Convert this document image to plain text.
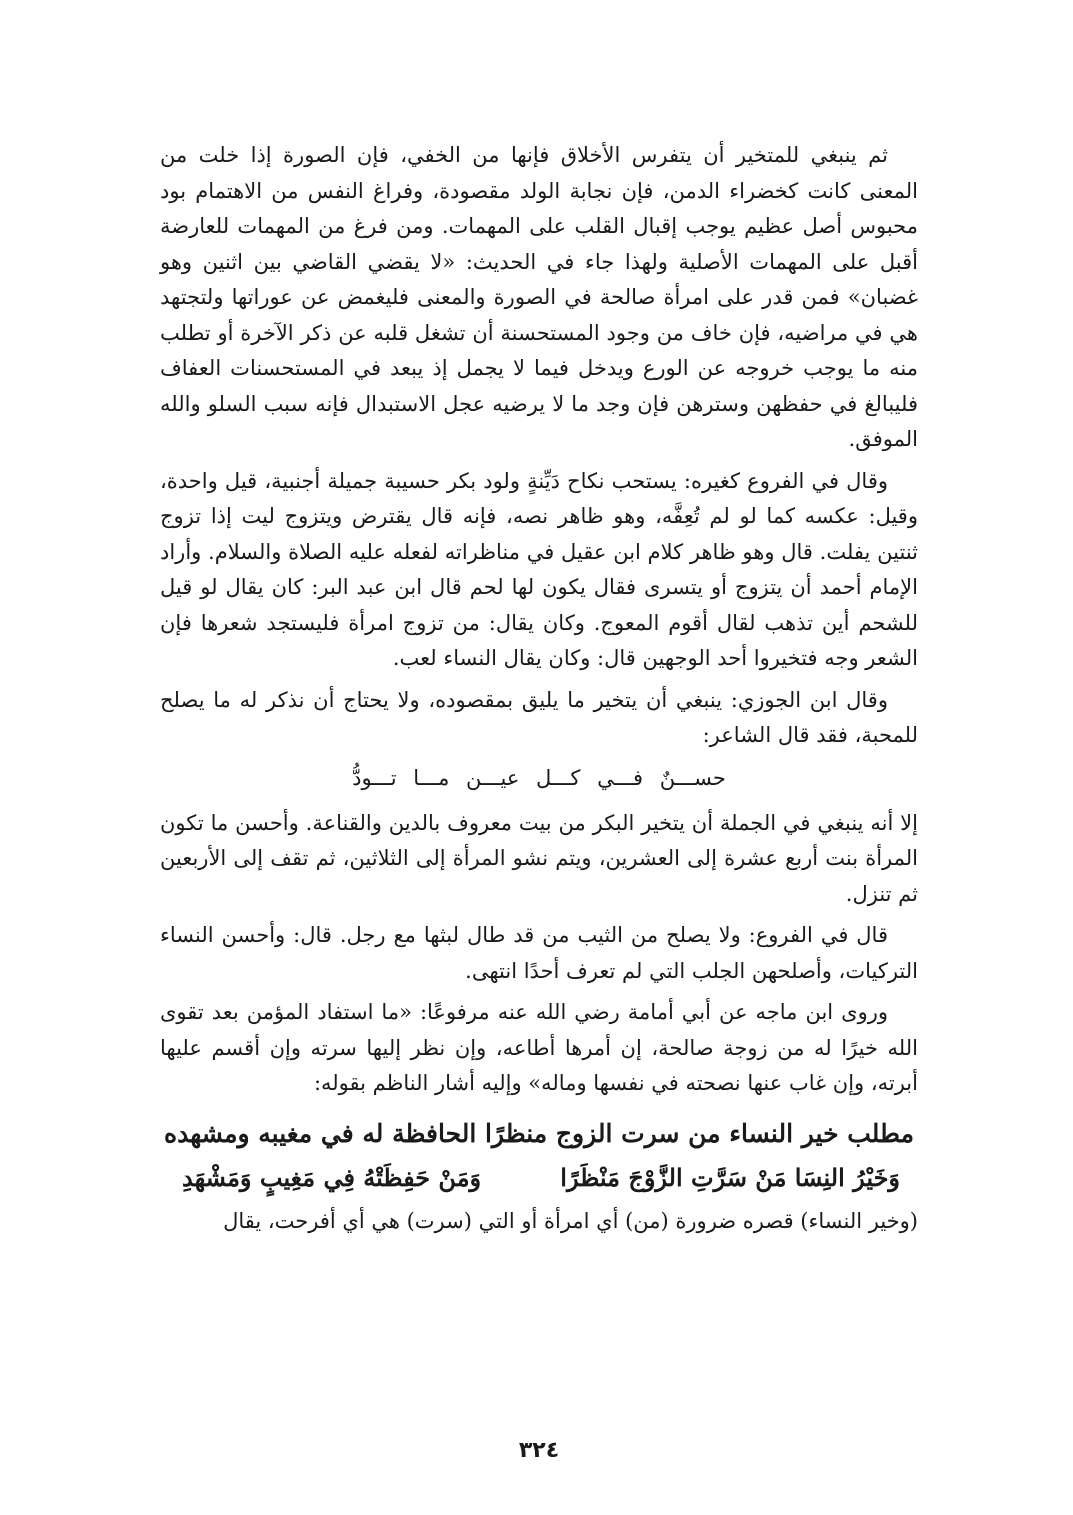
ثم ينبغي للمتخير أن يتفرس الأخلاق فإنها من الخفي، فإن الصورة إذا خلت من المعنى كانت كخضراء الدمن، فإن نجابة الولد مقصودة، وفراغ النفس من الاهتمام بود محبوس أصل عظيم يوجب إقبال القلب على المهمات. ومن فرغ من المهمات للعارضة أقبل على المهمات الأصلية ولهذا جاء في الحديث: «لا يقضي القاضي بين اثنين وهو غضبان» فمن قدر على امرأة صالحة في الصورة والمعنى فليغمض عن عوراتها ولتجتهد هي في مراضيه، فإن خاف من وجود المستحسنة أن تشغل قلبه عن ذكر الآخرة أو تطلب منه ما يوجب خروجه عن الورع ويدخل فيما لا يجمل إذ يبعد في المستحسنات العفاف فليبالغ في حفظهن وسترهن فإن وجد ما لا يرضيه عجل الاستبدال فإنه سبب السلو والله الموفق.

وقال في الفروع كغيره: يستحب نكاح دَيِّنةٍ ولود بكر حسيبة جميلة أجنبية، قيل واحدة، وقيل: عكسه كما لو لم تُعِفَّه، وهو ظاهر نصه، فإنه قال يقترض ويتزوج ليت إذا تزوج ثنتين يفلت. قال وهو ظاهر كلام ابن عقيل في مناظراته لفعله عليه الصلاة والسلام. وأراد الإمام أحمد أن يتزوج أو يتسرى فقال يكون لها لحم قال ابن عبد البر: كان يقال لو قيل للشحم أين تذهب لقال أقوم المعوج. وكان يقال: من تزوج امرأة فليستجد شعرها فإن الشعر وجه فتخيروا أحد الوجهين قال: وكان يقال النساء لعب.

وقال ابن الجوزي: ينبغي أن يتخير ما يليق بمقصوده، ولا يحتاج أن نذكر له ما يصلح للمحبة، فقد قال الشاعر:

حســـنٌ فـــي كـــل عيـــن مـــا تـــودُّ

إلا أنه ينبغي في الجملة أن يتخير البكر من بيت معروف بالدين والقناعة. وأحسن ما تكون المرأة بنت أربع عشرة إلى العشرين، ويتم نشو المرأة إلى الثلاثين، ثم تقف إلى الأربعين ثم تنزل.

قال في الفروع: ولا يصلح من الثيب من قد طال لبثها مع رجل. قال: وأحسن النساء التركيات، وأصلحهن الجلب التي لم تعرف أحدًا انتهى.

وروى ابن ماجه عن أبي أمامة رضي الله عنه مرفوعًا: «ما استفاد المؤمن بعد تقوى الله خيرًا له من زوجة صالحة، إن أمرها أطاعه، وإن نظر إليها سرته وإن أقسم عليها أبرته، وإن غاب عنها نصحته في نفسها وماله» وإليه أشار الناظم بقوله:

مطلب خير النساء من سرت الزوج منظرًا الحافظة له في مغيبه ومشهده
وَخَيْرُ النِسَا مَنْ سَرَّتِ الزَّوْجَ مَنْظَرًا
وَمَنْ حَفِظَتْهُ فِي مَغِيبٍ وَمَشْهَدِ

(وخير النساء) قصره ضرورة (من) أي امرأة أو التي (سرت) هي أي أفرحت، يقال

٣٢٤
